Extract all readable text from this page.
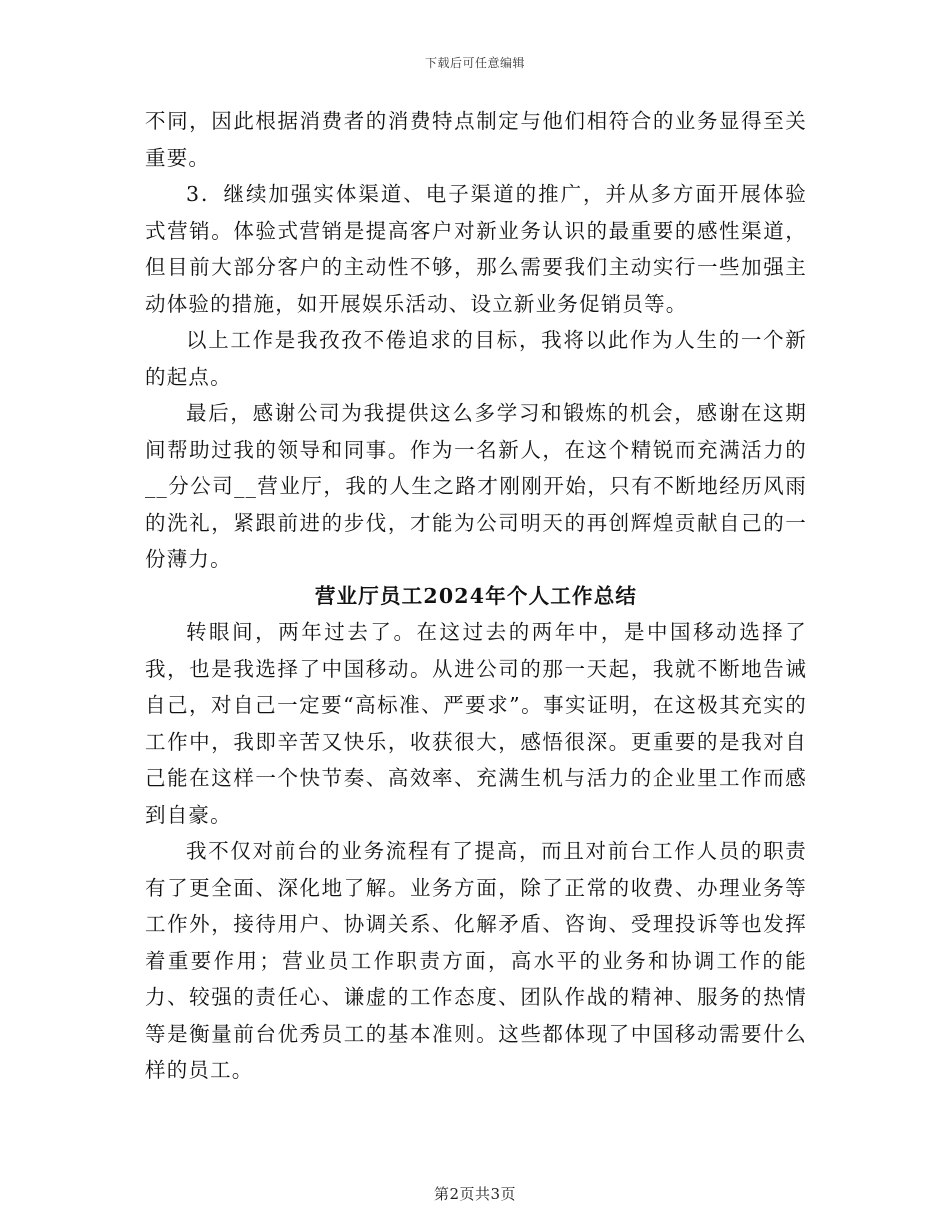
下载后可任意编辑

不同，因此根据消费者的消费特点制定与他们相符合的业务显得至关重要。

3．继续加强实体渠道、电子渠道的推广，并从多方面开展体验式营销。体验式营销是提高客户对新业务认识的最重要的感性渠道，但目前大部分客户的主动性不够，那么需要我们主动实行一些加强主动体验的措施，如开展娱乐活动、设立新业务促销员等。

以上工作是我孜孜不倦追求的目标，我将以此作为人生的一个新的起点。

最后，感谢公司为我提供这么多学习和锻炼的机会，感谢在这期间帮助过我的领导和同事。作为一名新人，在这个精锐而充满活力的__分公司__营业厅，我的人生之路才刚刚开始，只有不断地经历风雨的洗礼，紧跟前进的步伐，才能为公司明天的再创辉煌贡献自己的一份薄力。

营业厅员工2024年个人工作总结

转眼间，两年过去了。在这过去的两年中，是中国移动选择了我，也是我选择了中国移动。从进公司的那一天起，我就不断地告诫自己，对自己一定要“高标准、严要求”。事实证明，在这极其充实的工作中，我即辛苦又快乐，收获很大，感悟很深。更重要的是我对自己能在这样一个快节奏、高效率、充满生机与活力的企业里工作而感到自豪。

我不仅对前台的业务流程有了提高，而且对前台工作人员的职责有了更全面、深化地了解。业务方面，除了正常的收费、办理业务等工作外，接待用户、协调关系、化解矛盾、咨询、受理投诉等也发挥着重要作用；营业员工作职责方面，高水平的业务和协调工作的能力、较强的责任心、谦虚的工作态度、团队作战的精神、服务的热情等是衡量前台优秀员工的基本准则。这些都体现了中国移动需要什么样的员工。

第2页共3页
